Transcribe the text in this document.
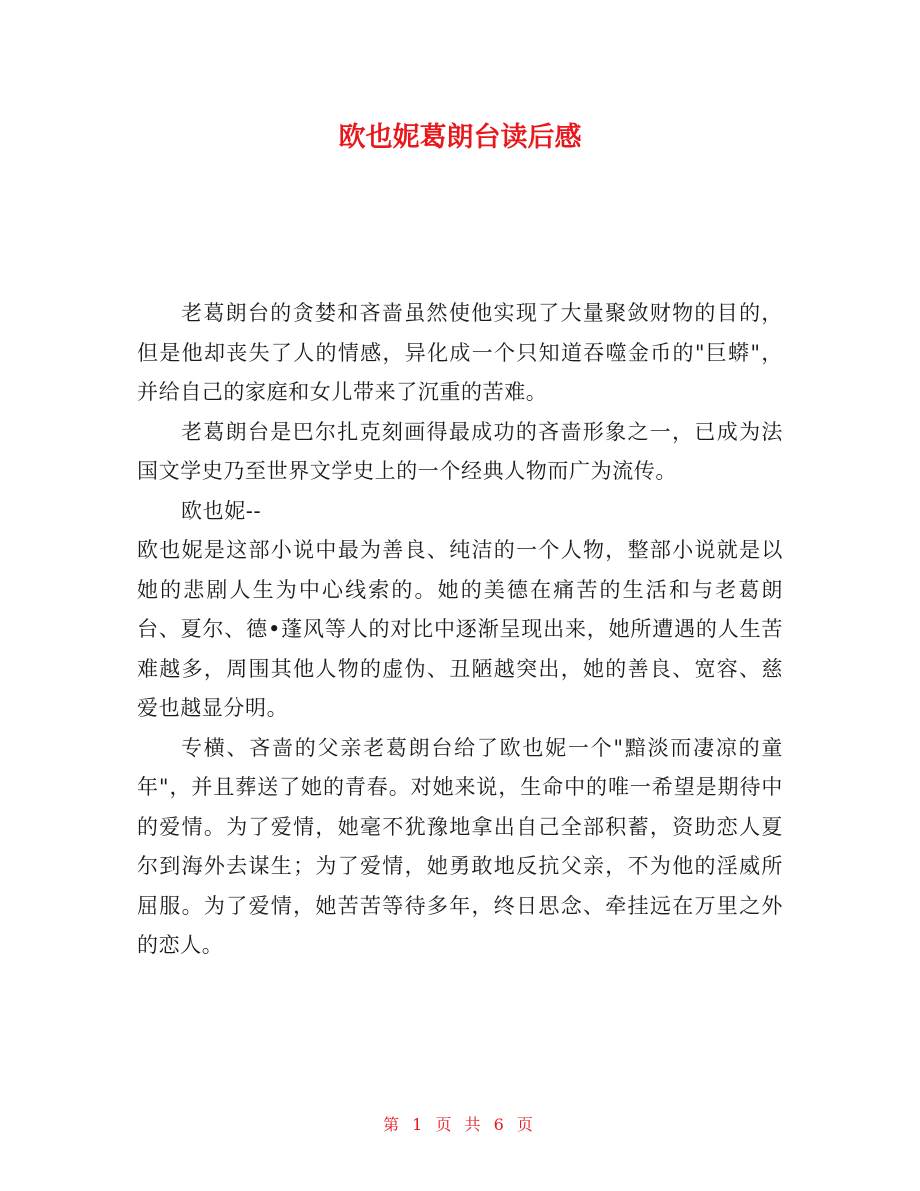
欧也妮葛朗台读后感

老葛朗台的贪婪和吝啬虽然使他实现了大量聚敛财物的目的，但是他却丧失了人的情感，异化成一个只知道吞噬金币的"巨蟒"，并给自己的家庭和女儿带来了沉重的苦难。

老葛朗台是巴尔扎克刻画得最成功的吝啬形象之一，已成为法国文学史乃至世界文学史上的一个经典人物而广为流传。

欧也妮--

欧也妮是这部小说中最为善良、纯洁的一个人物，整部小说就是以她的悲剧人生为中心线索的。她的美德在痛苦的生活和与老葛朗台、夏尔、德•蓬风等人的对比中逐渐呈现出来，她所遭遇的人生苦难越多，周围其他人物的虚伪、丑陋越突出，她的善良、宽容、慈爱也越显分明。

专横、吝啬的父亲老葛朗台给了欧也妮一个"黯淡而凄凉的童年"，并且葬送了她的青春。对她来说，生命中的唯一希望是期待中的爱情。为了爱情，她毫不犹豫地拿出自己全部积蓄，资助恋人夏尔到海外去谋生；为了爱情，她勇敢地反抗父亲，不为他的淫威所屈服。为了爱情，她苦苦等待多年，终日思念、牵挂远在万里之外的恋人。

第 1 页 共 6 页
